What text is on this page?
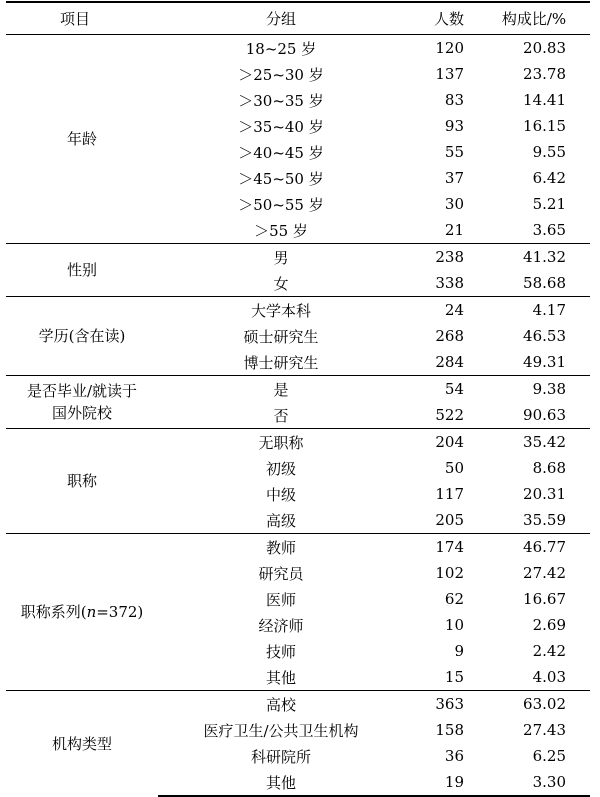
项目	分组	人数	构成比/%
年龄	18~25 岁	120	20.83
	＞25~30 岁	137	23.78
	＞30~35 岁	83	14.41
	＞35~40 岁	93	16.15
	＞40~45 岁	55	9.55
	＞45~50 岁	37	6.42
	＞50~55 岁	30	5.21
	＞55 岁	21	3.65
性别	男	238	41.32
	女	338	58.68
学历(含在读)	大学本科	24	4.17
	硕士研究生	268	46.53
	博士研究生	284	49.31
是否毕业/就读于
国外院校	是	54	9.38
	否	522	90.63
职称	无职称	204	35.42
	初级	50	8.68
	中级	117	20.31
	高级	205	35.59
职称系列(n=372)	教师	174	46.77
	研究员	102	27.42
	医师	62	16.67
	经济师	10	2.69
	技师	9	2.42
	其他	15	4.03
机构类型	高校	363	63.02
	医疗卫生/公共卫生机构	158	27.43
	科研院所	36	6.25
	其他	19	3.30
